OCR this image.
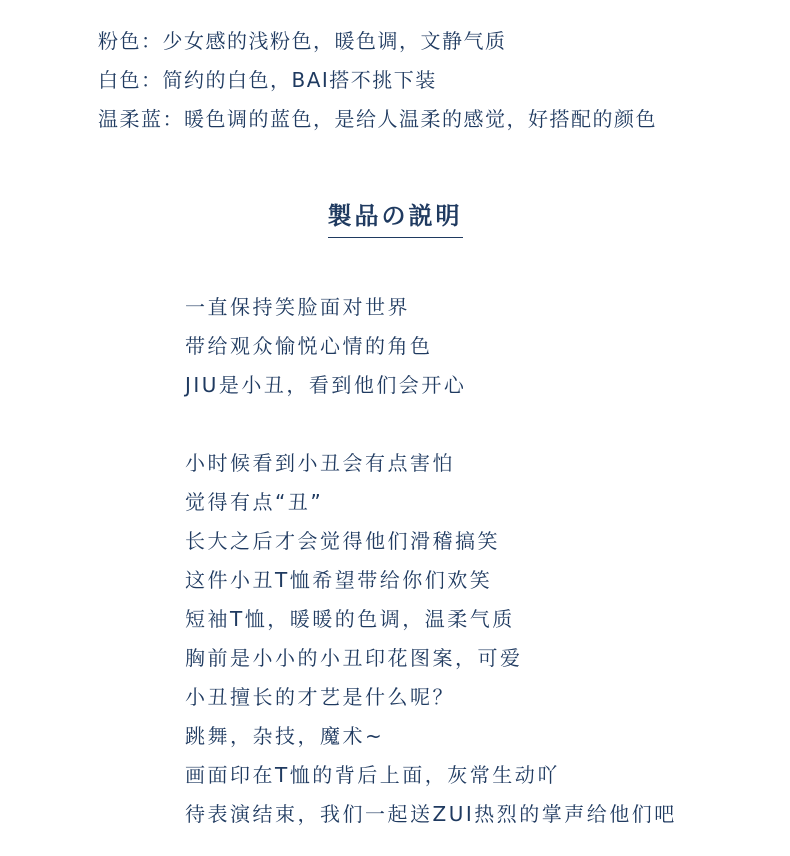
粉色：少女感的浅粉色，暖色调，文静气质
白色：简约的白色，BAI搭不挑下装
温柔蓝：暖色调的蓝色，是给人温柔的感觉，好搭配的颜色
製品の説明
一直保持笑脸面对世界
带给观众愉悦心情的角色
JIU是小丑，看到他们会开心
小时候看到小丑会有点害怕
觉得有点“丑”
长大之后才会觉得他们滑稽搞笑
这件小丑T恤希望带给你们欢笑
短袖T恤，暖暖的色调，温柔气质
胸前是小小的小丑印花图案，可爱
小丑擅长的才艺是什么呢？
跳舞，杂技，魔术~
画面印在T恤的背后上面，灰常生动吖
待表演结束，我们一起送ZUI热烈的掌声给他们吧
